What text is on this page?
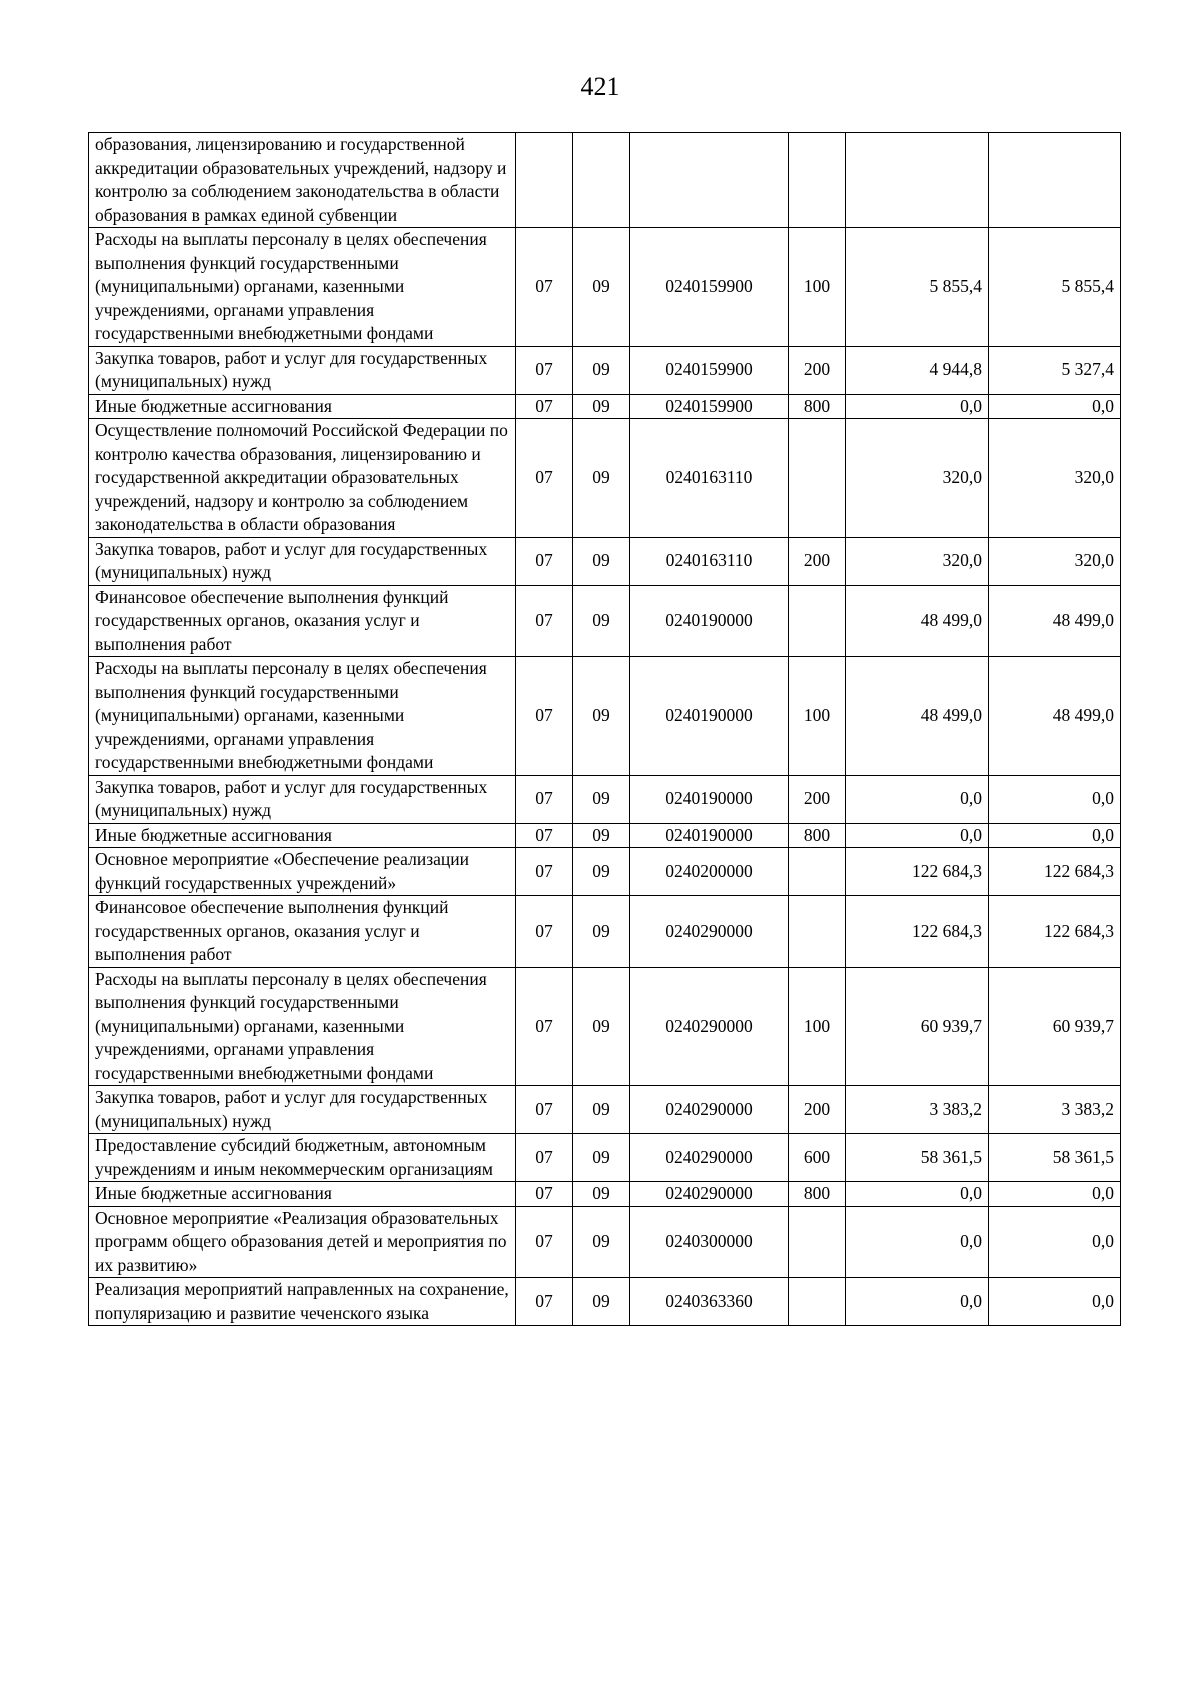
421
образования, лицензированию и государственной аккредитации образовательных учреждений, надзору и контролю за соблюдением законодательства в области образования в рамках единой субвенции						
Расходы на выплаты персоналу в целях обеспечения выполнения функций государственными (муниципальными) органами, казенными учреждениями, органами управления государственными внебюджетными фондами	07	09	0240159900	100	5 855,4	5 855,4
Закупка товаров, работ и услуг для государственных (муниципальных) нужд	07	09	0240159900	200	4 944,8	5 327,4
Иные бюджетные ассигнования	07	09	0240159900	800	0,0	0,0
Осуществление полномочий Российской Федерации по контролю качества образования, лицензированию и государственной аккредитации образовательных учреждений, надзору и контролю за соблюдением законодательства в области образования	07	09	0240163110		320,0	320,0
Закупка товаров, работ и услуг для государственных (муниципальных) нужд	07	09	0240163110	200	320,0	320,0
Финансовое обеспечение выполнения функций государственных органов, оказания услуг и выполнения работ	07	09	0240190000		48 499,0	48 499,0
Расходы на выплаты персоналу в целях обеспечения выполнения функций государственными (муниципальными) органами, казенными учреждениями, органами управления государственными внебюджетными фондами	07	09	0240190000	100	48 499,0	48 499,0
Закупка товаров, работ и услуг для государственных (муниципальных) нужд	07	09	0240190000	200	0,0	0,0
Иные бюджетные ассигнования	07	09	0240190000	800	0,0	0,0
Основное мероприятие «Обеспечение реализации функций государственных учреждений»	07	09	0240200000		122 684,3	122 684,3
Финансовое обеспечение выполнения функций государственных органов, оказания услуг и выполнения работ	07	09	0240290000		122 684,3	122 684,3
Расходы на выплаты персоналу в целях обеспечения выполнения функций государственными (муниципальными) органами, казенными учреждениями, органами управления государственными внебюджетными фондами	07	09	0240290000	100	60 939,7	60 939,7
Закупка товаров, работ и услуг для государственных (муниципальных) нужд	07	09	0240290000	200	3 383,2	3 383,2
Предоставление субсидий бюджетным, автономным учреждениям и иным некоммерческим организациям	07	09	0240290000	600	58 361,5	58 361,5
Иные бюджетные ассигнования	07	09	0240290000	800	0,0	0,0
Основное мероприятие «Реализация образовательных программ общего образования детей и мероприятия по их развитию»	07	09	0240300000		0,0	0,0
Реализация мероприятий направленных на сохранение, популяризацию и развитие чеченского языка	07	09	0240363360		0,0	0,0
